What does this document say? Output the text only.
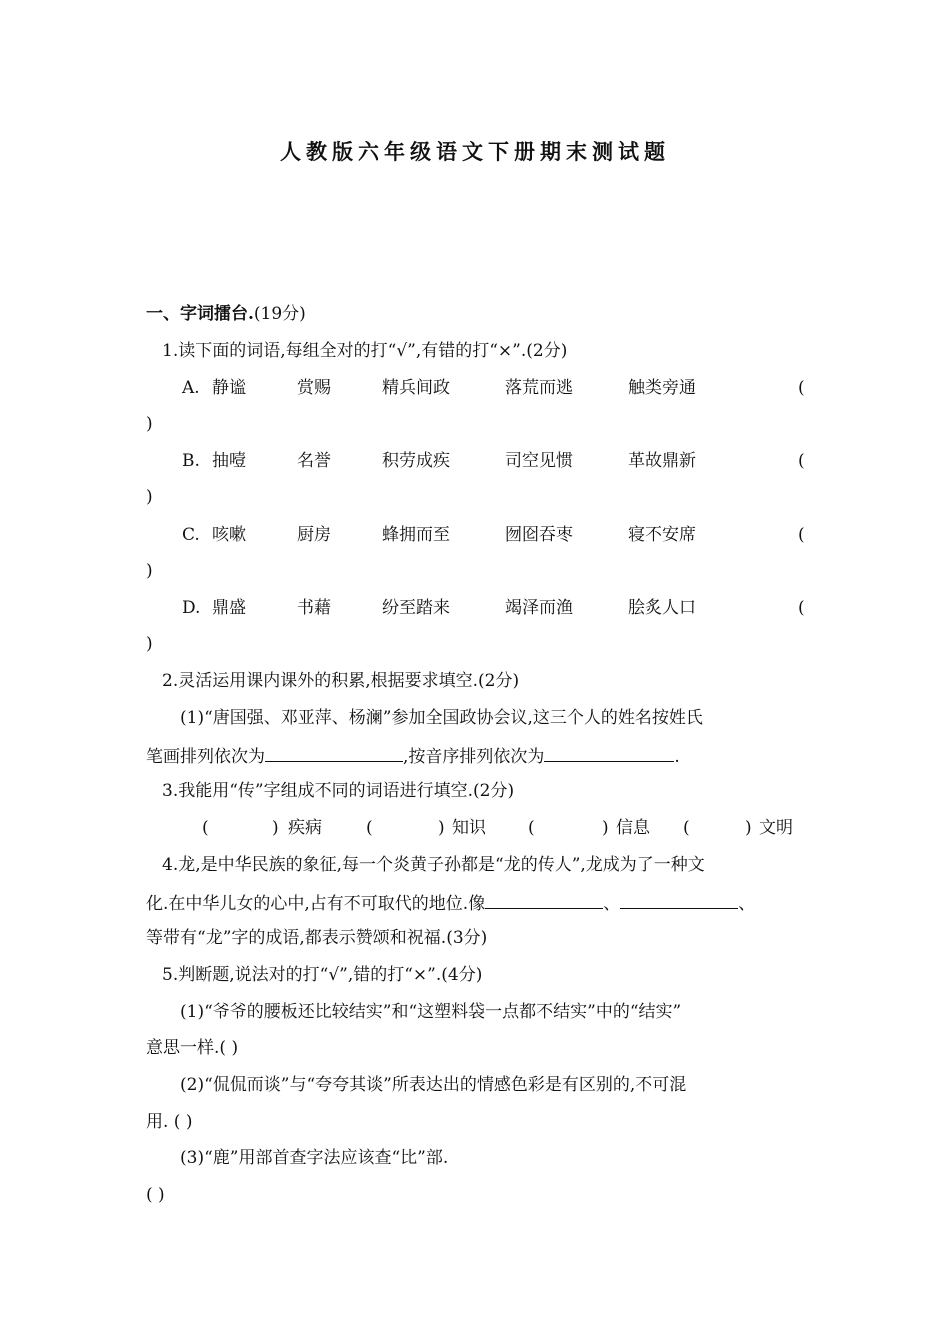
人教版六年级语文下册期末测试题
一、字词擂台.(19分)
1.读下面的词语,每组全对的打“√”,有错的打“×”.(2分)
A. 静谧	赏赐	精兵间政	落荒而逃	触类旁通	(
)
B. 抽噎	名誉	积劳成疾	司空见惯	革故鼎新	(
)
C. 咳嗽	厨房	蜂拥而至	囫囵吞枣	寝不安席	(
)
D. 鼎盛	书藉	纷至踏来	竭泽而渔	脍炙人口	(
)
2.灵活运用课内课外的积累,根据要求填空.(2分)
(1)“唐国强、邓亚萍、杨澜”参加全国政协会议,这三个人的姓名按姓氏
笔画排列依次为	,按音序排列依次为	.
3.我能用“传”字组成不同的词语进行填空.(2分)
(	) 疾病	(	) 知识 (	) 信息 (	) 文明
4.龙,是中华民族的象征,每一个炎黄子孙都是“龙的传人”,龙成为了一种文
化.在中华儿女的心中,占有不可取代的地位.像	、	、
等带有“龙”字的成语,都表示赞颂和祝福.(3分)
5.判断题,说法对的打“√”,错的打“×”.(4分)
(1)“爷爷的腰板还比较结实”和“这塑料袋一点都不结实”中的“结实”
意思一样.( )
(2)“侃侃而谈”与“夸夸其谈”所表达出的情感色彩是有区别的,不可混
用. ( )
(3)“鹿”用部首查字法应该查“比”部.
( )
